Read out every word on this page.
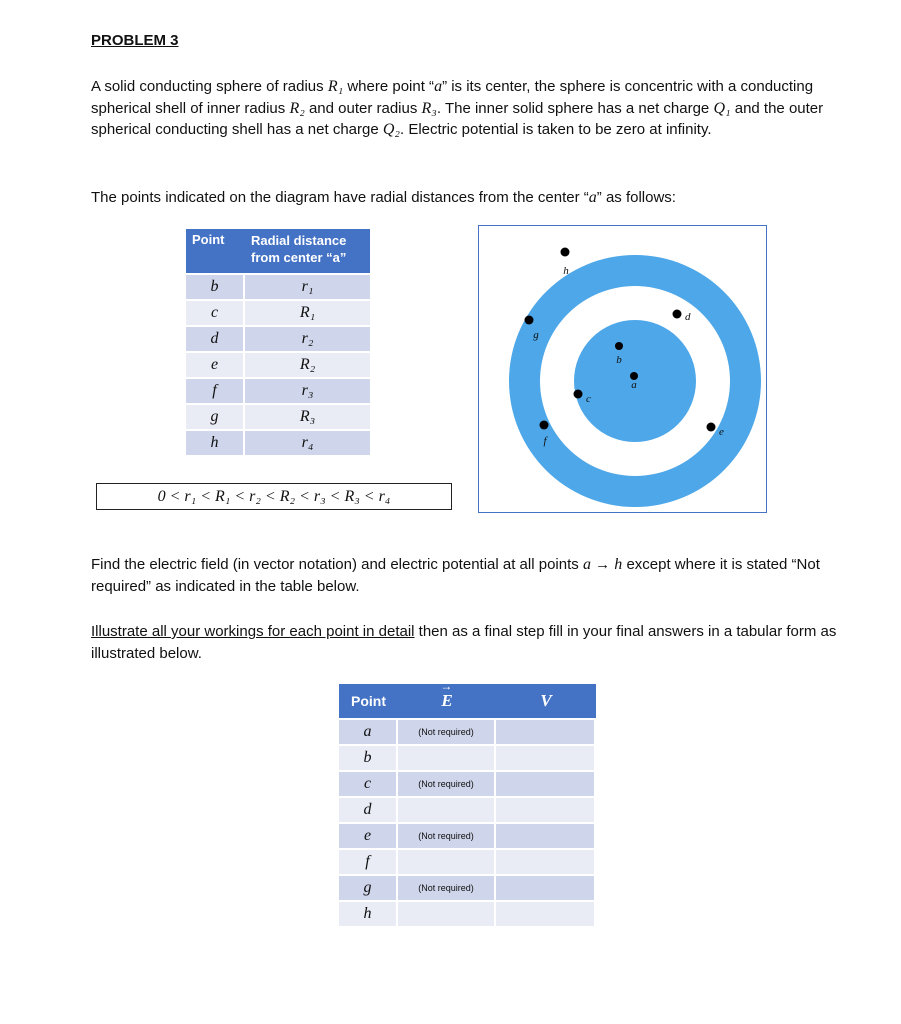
PROBLEM 3

A solid conducting sphere of radius R₁ where point “a” is its center, the sphere is concentric with a conducting spherical shell of inner radius R₂ and outer radius R₃. The inner solid sphere has a net charge Q₁ and the outer spherical conducting shell has a net charge Q₂. Electric potential is taken to be zero at infinity.

The points indicated on the diagram have radial distances from the center “a” as follows:

Point	Radial distance from center “a”
b	r₁
c	R₁
d	r₂
e	R₂
f	r₃
g	R₃
h	r₄
0 < r₁ < R₁ < r₂ < R₂ < r₃ < R₃ < r₄
h
d
g
b
a
c
e
f

Find the electric field (in vector notation) and electric potential at all points a → h except where it is stated “Not required” as indicated in the table below.

Illustrate all your workings for each point in detail then as a final step fill in your final answers in a tabular form as illustrated below.

Point	→ E	V
a	(Not required)	
b		
c	(Not required)	
d		
e	(Not required)	
f		
g	(Not required)	
h		
